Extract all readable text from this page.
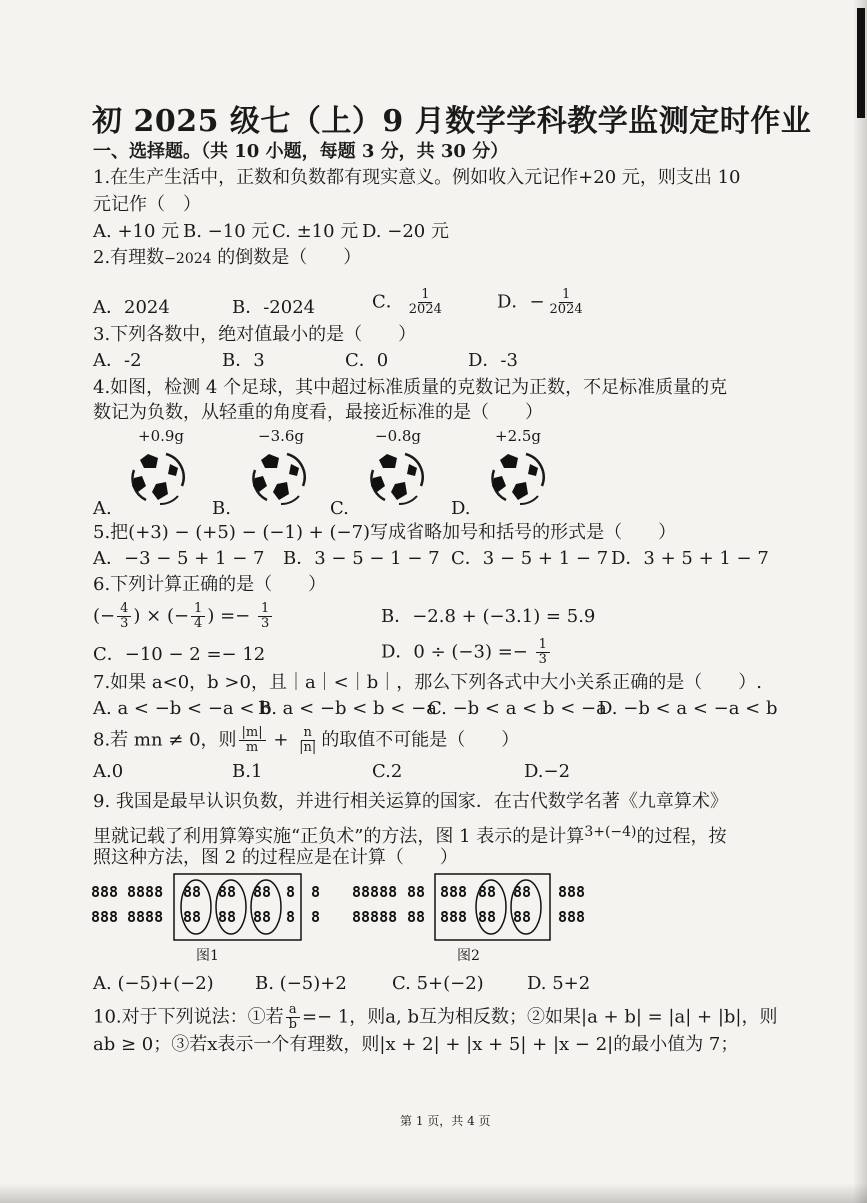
初 2025 级七（上）9 月数学学科教学监测定时作业
一、选择题。（共 10 小题，每题 3 分，共 30 分）
1.在生产生活中，正数和负数都有现实意义。例如收入元记作+20 元，则支出 10
元记作（　）
A. +10 元 B. −10 元 C. ±10 元 D. −20 元
2.有理数−2024 的倒数是（　　）
A．2024	B．-2024	C． $\frac{1}{2024}$	D．− $\frac{1}{2024}$
3.下列各数中，绝对值最小的是（　　）
A．-2	B．3	C．0	D．-3
4.如图，检测 4 个足球，其中超过标准质量的克数记为正数，不足标准质量的克
数记为负数，从轻重的角度看，最接近标准的是（　　）
+0.9g	−3.6g	−0.8g	+2.5g
A.	B.	C.	D.
5.把(+3) − (+5) − (−1) + (−7)写成省略加号和括号的形式是（　　）
A．−3 − 5 + 1 − 7 B．3 − 5 − 1 − 7 C．3 − 5 + 1 − 7 D．3 + 5 + 1 − 7
6.下列计算正确的是（　　）
(− $\frac{4}{3}$ ) × (− $\frac{1}{4}$ ) =− $\frac{1}{3}$	B．−2.8 + (−3.1) = 5.9
C．−10 − 2 =− 12	D．$0 \div (-3) =- \frac{1}{3}$
7.如果 a<0，b >0，且｜a｜<｜b｜，那么下列各式中大小关系正确的是（　　）.
A. a < −b < −a < b
B. a < −b < b < −a
C. −b < a < b < −a
D. −b < a < −a < b
8.若 mn ≠ 0，则 $\frac{|m|}{m} + \frac{n}{|n|}$ 的取值不可能是（　　）
A.0	B.1	C.2	D.−2
9. 我国是最早认识负数，并进行相关运算的国家．在古代数学名著《九章算术》
里就记载了利用算筹实施“正负术”的方法，图 1 表示的是计算$^{3+(-4)}$的过程，按
照这种方法，图 2 的过程应是在计算（　　）
888
888
8888
8888
88
88
88
88
88
88
8
8
8
8
图1
88888
88888
88
88
888
888
88
88
88
88
888
888
图2
A. (−5)+(−2) B. (−5)+2	C. 5+(−2) D. 5+2
10.对于下列说法：①若 $\frac{a}{b} =- 1$，则a, b互为相反数；②如果|a + b| = |a| + |b|，则
ab ≥ 0；③若x表示一个有理数，则|x + 2| + |x + 5| + |x − 2|的最小值为 7；
第 1 页，共 4 页
